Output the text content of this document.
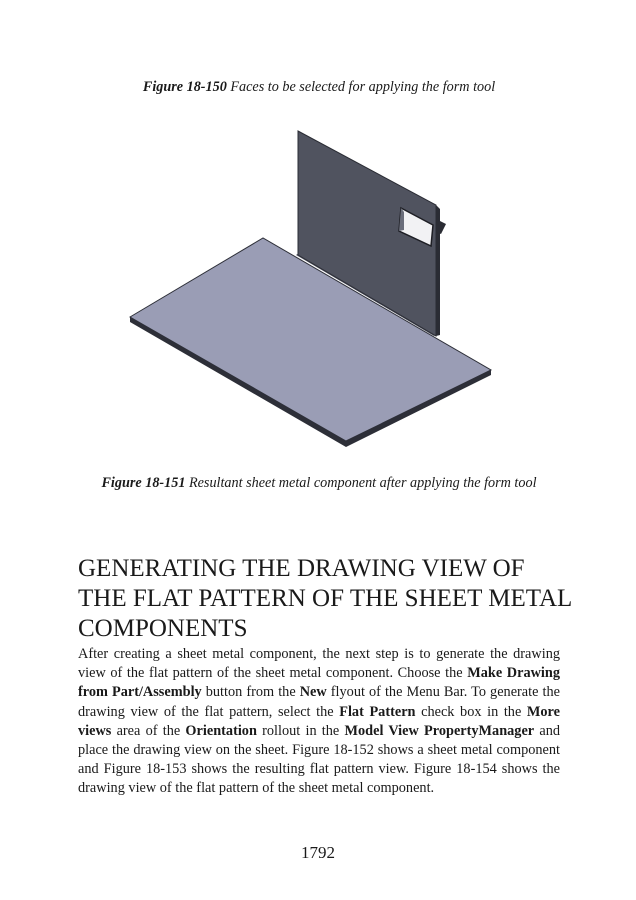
Figure 18-150 Faces to be selected for applying the form tool
Figure 18-151 Resultant sheet metal component after applying the form tool
GENERATING THE DRAWING VIEW OF THE FLAT PATTERN OF THE SHEET METAL COMPONENTS

After creating a sheet metal component, the next step is to generate the drawing view of the flat pattern of the sheet metal component. Choose the Make Drawing from Part/Assembly button from the New flyout of the Menu Bar. To generate the drawing view of the flat pattern, select the Flat Pattern check box in the More views area of the Orientation rollout in the Model View PropertyManager and place the drawing view on the sheet. Figure 18-152 shows a sheet metal component and Figure 18-153 shows the resulting flat pattern view. Figure 18-154 shows the drawing view of the flat pattern of the sheet metal component.

1792
